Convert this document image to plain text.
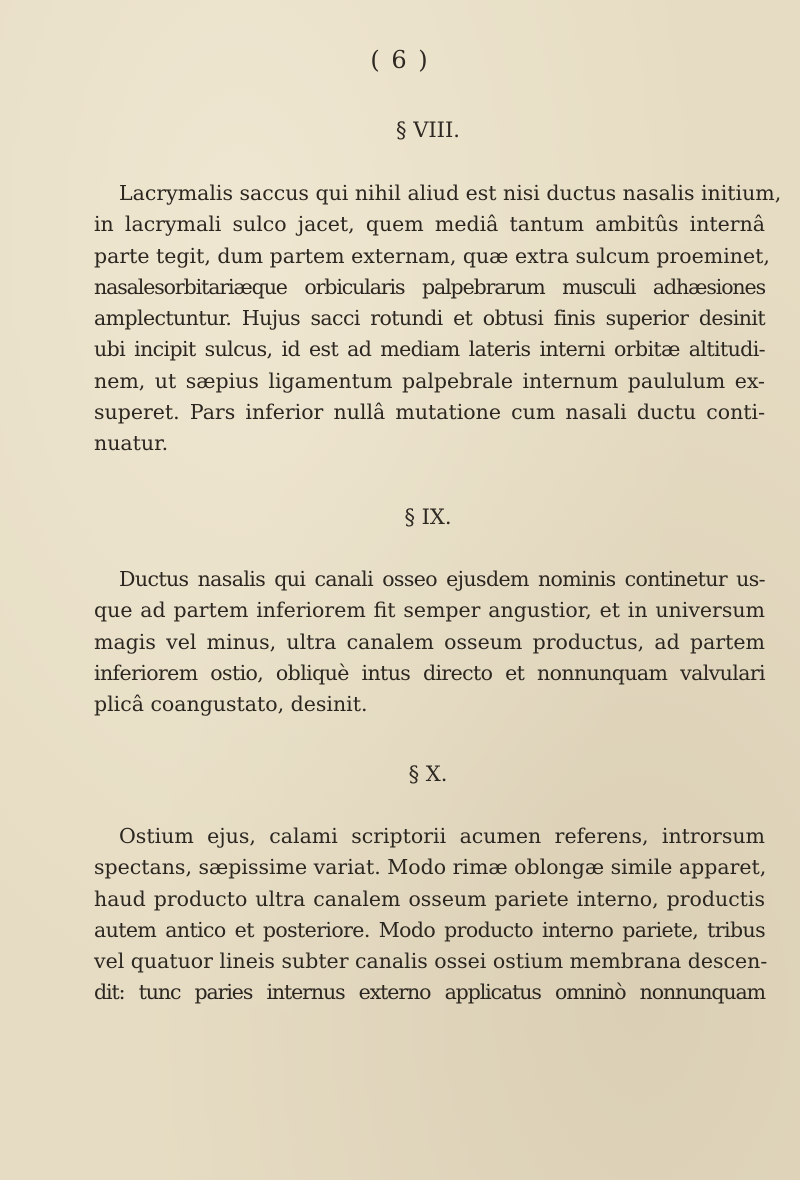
( 6 )
§ VIII.
Lacrymalis saccus qui nihil aliud est nisi ductus nasalis initium,
in lacrymali sulco jacet, quem mediâ tantum ambitûs internâ
parte tegit, dum partem externam, quæ extra sulcum proeminet,
nasalesorbitariæque orbicularis palpebrarum musculi adhæsiones
amplectuntur. Hujus sacci rotundi et obtusi finis superior desinit
ubi incipit sulcus, id est ad mediam lateris interni orbitæ altitudi-
nem, ut sæpius ligamentum palpebrale internum paululum ex-
superet. Pars inferior nullâ mutatione cum nasali ductu conti-
nuatur.
§ IX.
Ductus nasalis qui canali osseo ejusdem nominis continetur us-
que ad partem inferiorem fit semper angustior, et in universum
magis vel minus, ultra canalem osseum productus, ad partem
inferiorem ostio, obliquè intus directo et nonnunquam valvulari
plicâ coangustato, desinit.
§ X.
Ostium ejus, calami scriptorii acumen referens, introrsum
spectans, sæpissime variat. Modo rimæ oblongæ simile apparet,
haud producto ultra canalem osseum pariete interno, productis
autem antico et posteriore. Modo producto interno pariete, tribus
vel quatuor lineis subter canalis ossei ostium membrana descen-
dit: tunc paries internus externo applicatus omninò nonnunquam
